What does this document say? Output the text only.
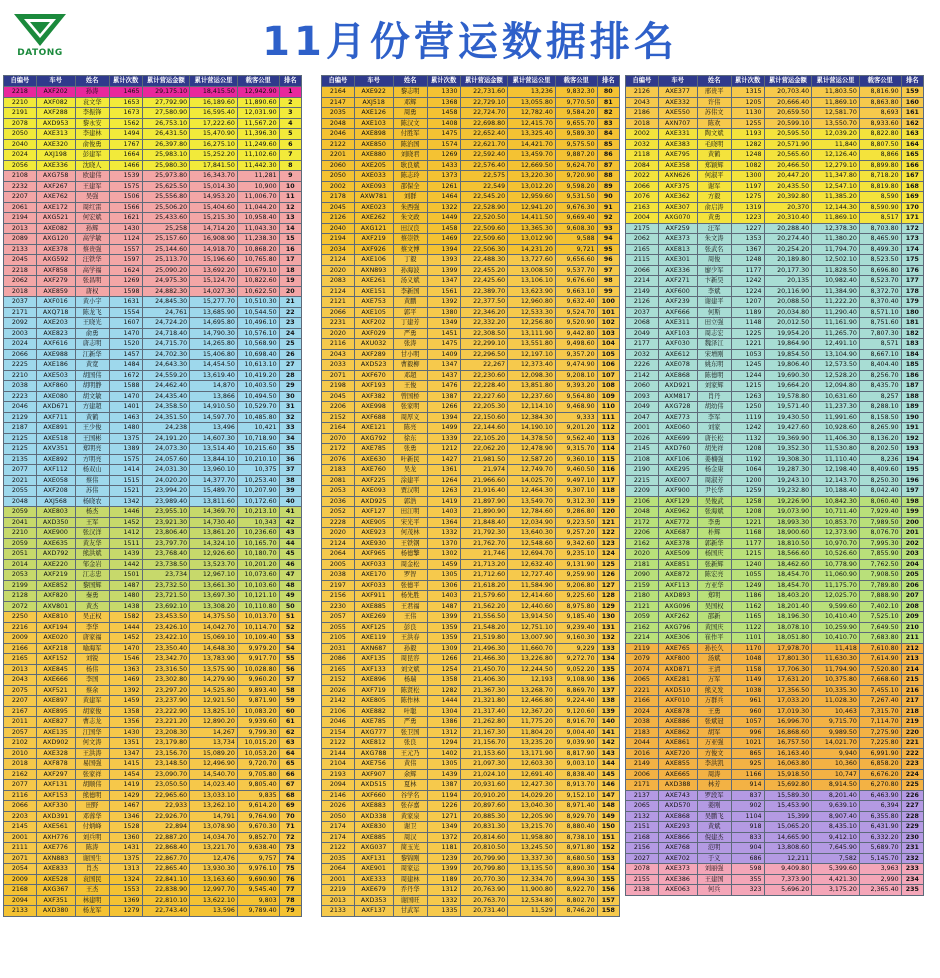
DATONG	11月份营运数据排名
自编号	车号	姓名	累计次数	累计营运金额	累计营运公里	载客公里	排名
2218	AXF202	孙涛	1465	29,175.10	18,415.50	12,942.90	1
2210	AXF082	袁文华	1653	27,792.90	16,189.60	11,890.60	2
2191	AXF288	李振锋	1673	27,580.90	16,595.40	12,031.90	3
2078	AXD953	黎永安	1562	26,753.10	17,222.60	11,567.20	4
2050	AXE313	李建林	1494	26,431.50	15,470.90	11,396.30	5
2040	AXE320	俞俊勇	1767	26,397.80	16,275.10	11,249.60	6
2024	AXJ198	彭建军	1664	25,983.10	15,252.20	11,102.60	7
2056	AXE336	沈晓人	1466	25,980.30	17,841.50	11,442.30	8
2108	AXG758	欧建伟	1539	25,973.80	16,343.70	11,281	9
2232	AXF267	王建军	1575	25,625.50	15,014.30	10,900	10
2207	AXE762	吴强	1506	25,556.80	14,953.20	11,006.70	11
2061	AXE172	周红雷	1566	25,506.20	15,404.60	11,044.20	12
2194	AXG521	何宏斌	1621	25,433.60	15,215.30	10,958.40	13
2013	AXE082	孙辉	1430	25,258	14,714.20	11,043.30	14
2089	AXG120	高学敏	1124	25,157.60	16,908.90	11,238.30	15
2133	AXE378	蔡贵强	1557	25,144.60	14,918.70	10,868.20	16
2045	AXG592	汪铁华	1597	25,113.70	15,196.60	10,765.80	17
2218	AXF858	高学福	1624	25,090.20	13,692.20	10,679.10	18
2062	AXF279	张昌明	1269	24,975.30	15,124.70	10,822.60	19
2018	AXE859	唐权	1598	24,882.30	14,027.30	10,622.50	20
2037	AXF016	黄小宇	1631	24,845.30	15,277.70	10,510.30	21
2171	AXQ718	陈龙飞	1554	24,761	13,685.90	10,544.50	22
2092	AXE203	王晓光	1607	24,724.20	14,695.80	10,496.10	23
2003	AXE823	俞勇	1470	24,718.40	14,790.30	10,576.10	24
2024	AXF616	唐志明	1520	24,715.70	14,265.80	10,568.90	25
2066	AXE988	江新华	1457	24,702.30	15,406.80	10,698.40	26
2225	AXE186	黄宽	1484	24,643.30	14,454.50	10,613.10	27
2210	AXE503	胡国伟	1672	24,559.20	13,619.40	10,419.20	28
2038	AXF860	胡明静	1588	24,462.40	14,870	10,403.50	29
2223	AXE080	胡文敏	1470	24,435.40	13,866	10,494.50	30
2046	AXD671	方建超	1401	24,358.50	14,910.50	10,529.70	31
2129	AXF711	黄鹤	1463	24,351.50	14,597.70	10,485.80	32
2187	AXE891	王少俊	1480	24,238	13,496	10,421	33
2125	AXE518	王国彬	1375	24,191.20	14,607.30	10,718.90	34
2125	AXV351	郑明亮	1389	24,073.30	13,514.40	10,215.60	35
2135	AXE892	方明亮	1575	24,057.60	13,844.10	10,210.10	36
2077	AXF112	杨双山	1414	24,031.30	13,960.10	10,375	37
2021	AXE058	蔡伟	1515	24,020.20	14,377.70	10,253.40	38
2055	AXF208	苏伟	1521	23,994.20	15,489.70	10,207.90	39
2048	AXJ568	杨晓农	1342	23,989.40	13,811.60	10,172.60	40
2059	AXE803	杨杰	1446	23,955.10	14,369.70	10,213.10	41
2041	AXD350	王军	1452	23,921.30	14,730.40	10,343	42
2210	AXE900	张汉洋	1412	23,806.40	13,861.20	10,236.60	43
2059	AXE635	黄友华	1511	23,797.70	14,324.10	10,165.70	44
2051	AXD792	熊洪斌	1439	23,768.40	12,926.60	10,180.70	45
2014	AXE220	邹金岩	1442	23,738.50	13,523.70	10,201.20	46
2053	AXF219	江志忠	1501	23,734	12,967.10	10,073.60	47
2199	AXE852	黎国辉	1487	23,732.50	13,661.30	10,103.60	48
2128	AXF820	秦勇	1480	23,721.50	13,697.30	10,121.10	49
2072	AXV801	黄杰	1438	23,692.10	13,308.20	10,110.80	50
2250	AXE810	吴正权	1582	23,453.50	14,375.50	10,013.70	51
2216	AXF194	李华	1444	23,426.10	14,042.70	10,114.70	52
2009	AXE020	唐家福	1452	23,422.10	15,069.10	10,109.40	53
2166	AXF218	喻海军	1470	23,350.40	14,648.30	9,979.20	54
2165	AXF152	刘锐	1546	23,342.70	13,783.90	9,917.70	55
2013	AXE845	杨伟	1363	23,316.50	13,575.90	10,028.80	56
2043	AXE666	李国	1469	23,302.80	14,279.90	9,960.20	57
2075	AXF521	蔡余	1392	23,297.20	14,525.80	9,893.40	58
2207	AXE897	黄建军	1459	23,237.90	12,921.50	9,871.90	59
2167	AXE895	胡家俊	1358	23,222.90	13,825.10	10,083.20	60
2011	AXE827	曹志龙	1356	23,221.20	12,890.20	9,939.60	61
2057	AXE135	江国华	1430	23,208.30	14,267	9,799.30	62
2102	AXD902	何文涛	1351	23,179.80	13,734	10,015.20	63
2010	AXE328	王洪涛	1347	23,156.70	15,089.20	10,053.20	64
2018	AXF878	易国强	1415	23,148.50	12,496.90	9,720.70	65
2162	AXF297	张家祥	1454	23,090.70	14,540.70	9,705.80	66
2077	AXF131	胡顺伟	1419	23,050.50	14,023.40	9,805.40	67
2116	AXF153	熊德明	1429	22,965.60	13,033.10	9,835	68
2066	AXF330	田野	1467	22,933	13,262.10	9,614.20	69
2203	AXD391	邓蓉华	1346	22,926.70	14,791	9,764.90	70
2145	AXE561	付炳峰	1528	22,894	13,078.90	9,670.30	71
2001	AXH776	刘兵明	1360	22,887.20	14,034.70	9,852.70	72
2111	AXE776	陈涛	1431	22,868.40	13,221.70	9,638.40	73
2071	AXN883	谢国生	1375	22,867.70	12,476	9,757	74
2054	AXE833	肖杰	1313	22,865.40	13,930.30	9,976.10	75
2009	AXE528	袁国民	1324	22,841.10	13,163.60	9,690.90	76
2168	AXG367	王杰	1553	22,838.90	12,997.70	9,545.40	77
2094	AXF351	林建明	1369	22,810.10	13,622.10	9,803	78
2133	AXD380	杨龙军	1279	22,743.40	13,596	9,789.40	79
自编号	车号	姓名	累计次数	累计营运金额	累计营运公里	载客公里	排名
2164	AXE922	黎志明	1330	22,731.60	13,236	9,832.30	80
2147	AXJ518	邓辉	1368	22,729.10	13,055.80	9,770.50	81
2035	AXE126	周勇	1458	22,724.70	12,782.40	9,584.20	82
2048	AXE103	陈汉文	1408	22,698.80	12,415.70	9,655.70	83
2046	AXE898	付胜军	1475	22,652.40	13,325.40	9,589.30	84
2122	AXE850	陈治国	1574	22,621.70	14,421.70	9,575.50	85
2201	AXE880	刘晓君	1269	22,592.40	13,459.70	9,887.20	86
2060	AXE205	耿良斌	1433	22,576.40	12,669.50	9,624.70	87
2050	AXE033	陈志玲	1373	22,575	13,220.30	9,720.90	88
2002	AXE093	邵保全	1261	22,549	13,012.20	9,598.20	89
2178	AXW781	刘群	1464	22,545.20	12,959.60	9,531.50	90
2045	AXE023	朱西强	1322	22,528.90	12,941.20	9,676.30	91
2126	AXE262	朱文政	1449	22,520.50	14,411.50	9,669.40	92
2040	AXG121	田汉良	1458	22,509.60	13,365.30	9,608.30	93
2194	AXF219	蔡崇铁	1469	22,509.60	13,012.90	9,588	94
2034	AXF926	蔡文博	1394	22,506.30	14,231.20	9,721	95
2124	AXE106	丁毅	1393	22,488.30	13,727.60	9,656.60	96
2020	AXN893	孙海波	1399	22,455.20	13,008.50	9,537.70	97
2083	AXE261	汤义斌	1347	22,425.60	13,106.10	9,676.60	98
2124	AXE151	李新国	1561	22,389.70	13,623.90	9,663.10	99
2121	AXE753	黄鹏	1392	22,377.50	12,960.80	9,632.40	100
2066	AXE105	郭平	1380	22,346.20	12,533.30	9,524.70	101
2231	AXF202	丁建芳	1349	22,332.20	12,256.80	9,520.90	102
2020	AXF029	严勇	1451	22,308.50	13,111.90	9,442.80	103
2116	AXU032	张涛	1475	22,299.10	13,551.80	9,498.60	104
2043	AXF289	甘小明	1409	22,296.50	12,197.10	9,357.20	105
2033	AXD523	曹毅柳	1347	22,267	12,373.40	9,474.90	106
2071	AXF670	邓超	1437	22,230.60	12,098.30	9,208.10	107
2198	AXF193	王俊	1476	22,228.40	13,851.80	9,393.20	108
2045	AXF382	曾国桥	1387	22,227.60	12,237.60	9,564.80	109
2206	AXE998	张家明	1266	22,205.30	12,114.10	9,468.90	110
2152	AXF688	周厚义	1394	22,150.60	12,384.30	9,333	111
2164	AXE121	陈亮	1499	22,144.60	14,190.10	9,201.20	112
2070	AXG792	徐东	1339	22,105.20	14,378.50	9,562.40	113
2172	AXE785	张勇	1212	22,062.20	12,478.90	9,315.70	114
2076	AXE630	叶新民	1427	21,981.50	12,587.20	9,360.10	115
2183	AXE760	吴龙	1361	21,974	12,749.70	9,460.50	116
2081	AXF225	涂建平	1264	21,966.60	14,025.70	9,497.10	117
2053	AXE093	贾汉明	1263	21,916.40	12,464.30	9,307.10	118
2036	AXD925	郭浩	1419	21,897.90	13,549.70	9,312.30	119
2052	AXF127	田江明	1403	21,890.90	12,784.60	9,286.80	120
2228	AXE905	宋光平	1364	21,848.40	12,034.90	9,223.50	121
2020	AXE923	何茂林	1332	21,792.30	13,640.30	9,257.20	122
2124	AXE930	王铁钢	1370	21,762.70	12,548.60	9,342.60	123
2064	AXF965	杨德擎	1302	21,746	12,694.70	9,235.10	124
2005	AXF033	周金松	1459	21,713.20	12,632.40	9,131.90	125
2038	AXE170	罗智	1305	21,712.60	12,727.40	9,259.90	126
2197	AXF033	张德平	1306	21,618.20	11,584.90	9,206.80	127
2156	AXF911	杨先胜	1403	21,579.60	12,414.60	9,225.60	128
2230	AXE885	王君福	1487	21,562.20	12,440.60	8,975.80	129
2057	AXE269	王伟	1399	21,556.50	13,914.50	9,185.40	130
2055	AXF125	彭良	1359	21,548.20	12,751.10	9,239.40	131
2105	AXE119	王洪春	1359	21,519.80	13,007.90	9,160.30	132
2031	AXN687	孙毅	1309	21,496.30	11,660.70	9,229	133
2086	AXF135	周昆容	1266	21,466.30	13,226.80	9,272.70	134
2165	AXF133	刘文斌	1254	21,450.70	12,244.50	9,052.20	135
2152	AXE896	杨瑞	1358	21,406.30	12,193	9,108.90	136
2026	AXF719	陈贤松	1282	21,367.30	13,268.70	8,869.70	137
2142	AXE805	陈作林	1444	21,321.80	12,466.80	9,224.40	138
2106	AXE882	叶聪	1304	21,317.40	12,367.20	9,120.60	139
2046	AXE785	严勇	1386	21,262.80	11,775.20	8,916.70	140
2154	AXG777	张卫国	1312	21,167.30	11,804.20	9,004.40	141
2122	AXE812	张良	1294	21,156.70	13,235.20	9,039.90	142
2144	AXG788	王元乃	1402	21,153.60	13,171.90	8,817.90	143
2104	AXE756	黄伟	1305	21,097.30	12,603.30	9,003.10	144
2193	AXF907	余辉	1439	21,024.10	12,691.40	8,838.40	145
2094	AXD515	夏林	1387	20,931.60	12,427.30	8,913.70	146
2146	AXF660	谷学名	1194	20,910.20	14,029.20	9,152.10	147
2026	AXE883	张存嘉	1226	20,897.60	13,040.30	8,971.40	148
2050	AXD338	黄家泉	1271	20,885.30	12,205.90	8,929.70	149
2174	AXE830	谢卫	1349	20,831.30	13,215.70	8,880.40	150
2174	AXE885	周汉	1372	20,814.60	11,958.80	8,738.10	151
2122	AXG037	简玉光	1181	20,810.50	13,245.50	8,971.80	152
2035	AXF131	黎锦刚	1239	20,799.90	13,337.30	8,680.50	153
2064	AXE901	周家运	1399	20,799.80	13,135.50	8,890.30	154
2001	AXE333	周建林	1189	20,770.30	12,334.70	8,994.30	155
2219	AXE679	乔丹华	1312	20,763.90	11,900.80	8,922.70	156
2013	AXD353	谢国旺	1332	20,763.70	12,534.80	8,802.70	157
2133	AXF137	甘武军	1335	20,731.40	11,529	8,746.20	158
自编号	车号	姓名	累计次数	累计营运金额	累计营运公里	载客公里	排名
2126	AXE377	邢贵平	1315	20,703.40	11,803.50	8,816.90	159
2043	AXE332	许伟	1205	20,666.40	11,869.10	8,863.80	160
2186	AXE550	苏伟文	1130	20,659.50	12,581.70	8,693	161
2018	AXN707	陈欢	1255	20,599.10	13,550.70	8,933.60	162
2002	AXE331	陶文斌	1193	20,595.50	12,039.20	8,822.80	163
2032	AXE383	毛晓明	1282	20,571.90	11,840	8,807.50	164
2118	AXE795	黄鹤	1248	20,565.60	12,126.40	8,866	165
2084	AXE358	郑颖辉	1082	20,466.50	12,279.10	8,899.80	166
2022	AXN626	何淑平	1300	20,447.20	11,347.80	8,718.20	167
2066	AXF375	谢军	1197	20,435.50	12,547.10	8,819.80	168
2076	AXE362	方毅	1275	20,392.80	11,385.20	8,590	169
2163	AXE307	俞启涛	1319	20,370	12,144.30	8,590.90	170
2004	AXG070	黄勇	1223	20,310.40	11,869.10	8,517	171
2175	AXF259	汪军	1227	20,288.40	12,378.30	8,703.80	172
2062	AXE373	朱文涛	1353	20,274.40	11,380.20	8,465.90	173
2165	AXE813	张武名	1367	20,254.20	11,794.70	8,499.30	174
2115	AXE301	周俊	1248	20,189.80	12,502.10	8,523.50	175
2066	AXE336	廖少军	1177	20,177.30	11,828.50	8,696.80	176
2214	AXF271	卞新昊	1242	20,135	10,982.40	8,523.70	177
2149	AXF600	李斌	1224	20,116.90	11,384.90	8,372.70	178
2126	AXF239	谢建平	1207	20,088.50	11,222.20	8,370.40	179
2037	AXF666	何斯	1189	20,034.80	11,290.40	8,571.10	180
2068	AXE311	田立强	1148	20,012.50	11,161.90	8,751.60	181
2049	AXF103	周志宏	1225	19,954.20	11,265.70	7,807.30	182
2177	AXF030	魏泽江	1221	19,864.90	12,491.10	8,571	183
2032	AXE612	宋增刚	1053	19,854.50	13,104.90	8,667.10	184
2226	AXE078	姚东明	1245	19,806.40	12,573.50	8,404.40	185
2142	AXE868	陈德明	1244	19,690.30	12,528.20	8,256.70	186
2060	AXD921	刘家辉	1215	19,664.20	12,094.80	8,435.70	187
2093	AXM817	肖丹	1263	19,578.80	10,631.60	8,257	188
2049	AXG728	胡幼伟	1250	19,571.40	11,237.30	8,288.10	189
2047	AXE773	李军	1119	19,430.50	11,991.60	8,158.50	190
2001	AXE060	刘家	1242	19,427.60	10,928.60	8,265.90	191
2026	AXE699	唐长松	1132	19,369.90	11,406.30	8,136.20	192
2145	AXD760	胡先祥	1208	19,352.30	11,530.80	8,202.50	193
2108	AXF106	姜楠强	1192	19,308.30	11,110.40	8,236	194
2190	AXE295	杨金康	1064	19,287.30	12,198.40	8,409.60	195
2215	AXE007	周淑芳	1200	19,243.10	12,143.70	8,250.30	196
2209	AXF900	尹长华	1259	19,232.80	10,188.40	8,042.40	197
2106	AXF129	吴俊武	1258	19,226.90	10,842.30	8,060.40	198
2048	AXE962	张海斌	1208	19,073.90	10,711.40	7,929.40	199
2172	AXE772	李勇	1221	18,993.30	10,853.70	7,989.50	200
2206	AXE687	朴辉	1168	18,900.60	12,373.90	8,076.70	201
2162	AXE378	郭新华	1177	18,810.50	10,970.70	7,995.30	202
2020	AXE509	杨国庆	1215	18,566.60	10,526.60	7,855.90	203
2181	AXE851	张新辉	1240	18,462.60	10,778.90	7,762.50	204
2090	AXE872	陈宏亮	1055	18,454.70	11,060.90	7,908.50	205
2159	AXF113	方亚华	1249	18,454.70	11,175.70	7,789.80	206
2180	AXD893	郑明	1186	18,403.20	12,025.70	7,888.90	207
2121	AXG096	吴国权	1162	18,201.40	9,599.60	7,402.10	208
2059	AXF262	邵新	1165	18,196.30	10,410.40	7,525.10	209
2162	AXG796	黄国庆	1122	18,078.10	10,259.90	7,649.50	210
2214	AXE306	崔作平	1101	18,051.80	10,410.70	7,683.80	211
2119	AXE765	孙长久	1170	17,978.70	11,418	7,610.80	212
2079	AXF800	汤斌	1048	17,801.30	11,630.30	7,614.90	213
2074	AXD871	王清	1158	17,706.30	11,794.90	7,520.80	214
2065	AXE281	万军	1149	17,631.20	10,375.80	7,668.60	215
2221	AXD510	熊义发	1038	17,356.50	10,335.30	7,455.10	216
2166	AXF010	万群兵	961	17,033.20	11,028.30	7,267.40	217
2024	AXE878	王勇	960	17,019.30	10,463	7,315.70	218
2038	AXE886	张斌冠	1057	16,996.70	9,715.70	7,114.70	219
2183	AXE862	胡军	996	16,868.60	9,989.50	7,275.90	220
2044	AXE861	万亚强	1021	16,757.50	14,021.70	7,225.80	221
2016	AXE720	方俊文	865	16,163.40	9,940	6,991.90	222
2149	AXE855	李洪凯	925	16,063.80	10,360	6,858.20	223
2006	AXE665	周涛	1166	15,918.50	10,747	6,676.20	224
2171	AXD388	林芳	914	15,692.80	8,914.50	6,270.80	225
2137	AXE743	罗段军	837	15,589.30	8,201.40	6,463.90	226
2065	AXD570	姜刚	902	15,453.90	9,639.10	6,394	227
2132	AXE868	吴鹏飞	1104	15,399	8,907.40	6,355.80	228
2151	AXE293	黄斌	918	15,065.20	8,435.10	6,431.90	229
2168	AXE866	倪建杰	833	14,665.90	9,412.10	6,332.20	230
2156	AXE768	范明	904	13,808.60	7,645.90	5,689.70	231
2027	AXE702	于义	686	12,211	7,582	5,145.70	232
2078	AXE373	刘丽强	598	9,409.80	5,399.60	3,963	233
2155	AXE386	王建国	355	7,373.90	4,421.30	2,990	234
2138	AXE063	何兵	323	5,696.20	3,175.20	2,365.40	235
